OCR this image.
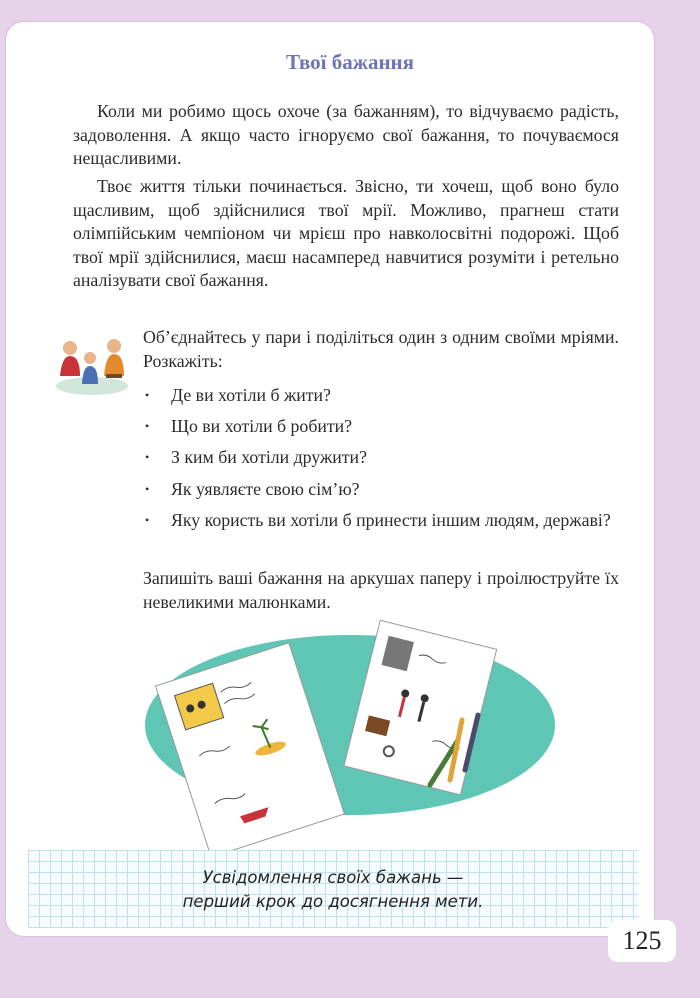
Твої бажання

Коли ми робимо щось охоче (за бажанням), то відчуваємо радість, задоволення. А якщо часто ігноруємо свої бажання, то почуваємося нещасливими.

Твоє життя тільки починається. Звісно, ти хочеш, щоб воно було щасливим, щоб здійснилися твої мрії. Можливо, прагнеш стати олімпійським чемпіоном чи мрієш про навколосвітні подорожі. Щоб твої мрії здійснилися, маєш насамперед навчитися розуміти і ретельно аналізувати свої бажання.

Об’єднайтесь у пари і поділіться один з одним своїми мріями. Розкажіть:

• Де ви хотіли б жити?
• Що ви хотіли б робити?
• З ким би хотіли дружити?
• Як уявляєте свою сім’ю?
• Яку користь ви хотіли б принести іншим людям, державі?

Запишіть ваші бажання на аркушах паперу і проілюструйте їх невеликими малюнками.

Усвідомлення своїх бажань —
перший крок до досягнення мети.
125
